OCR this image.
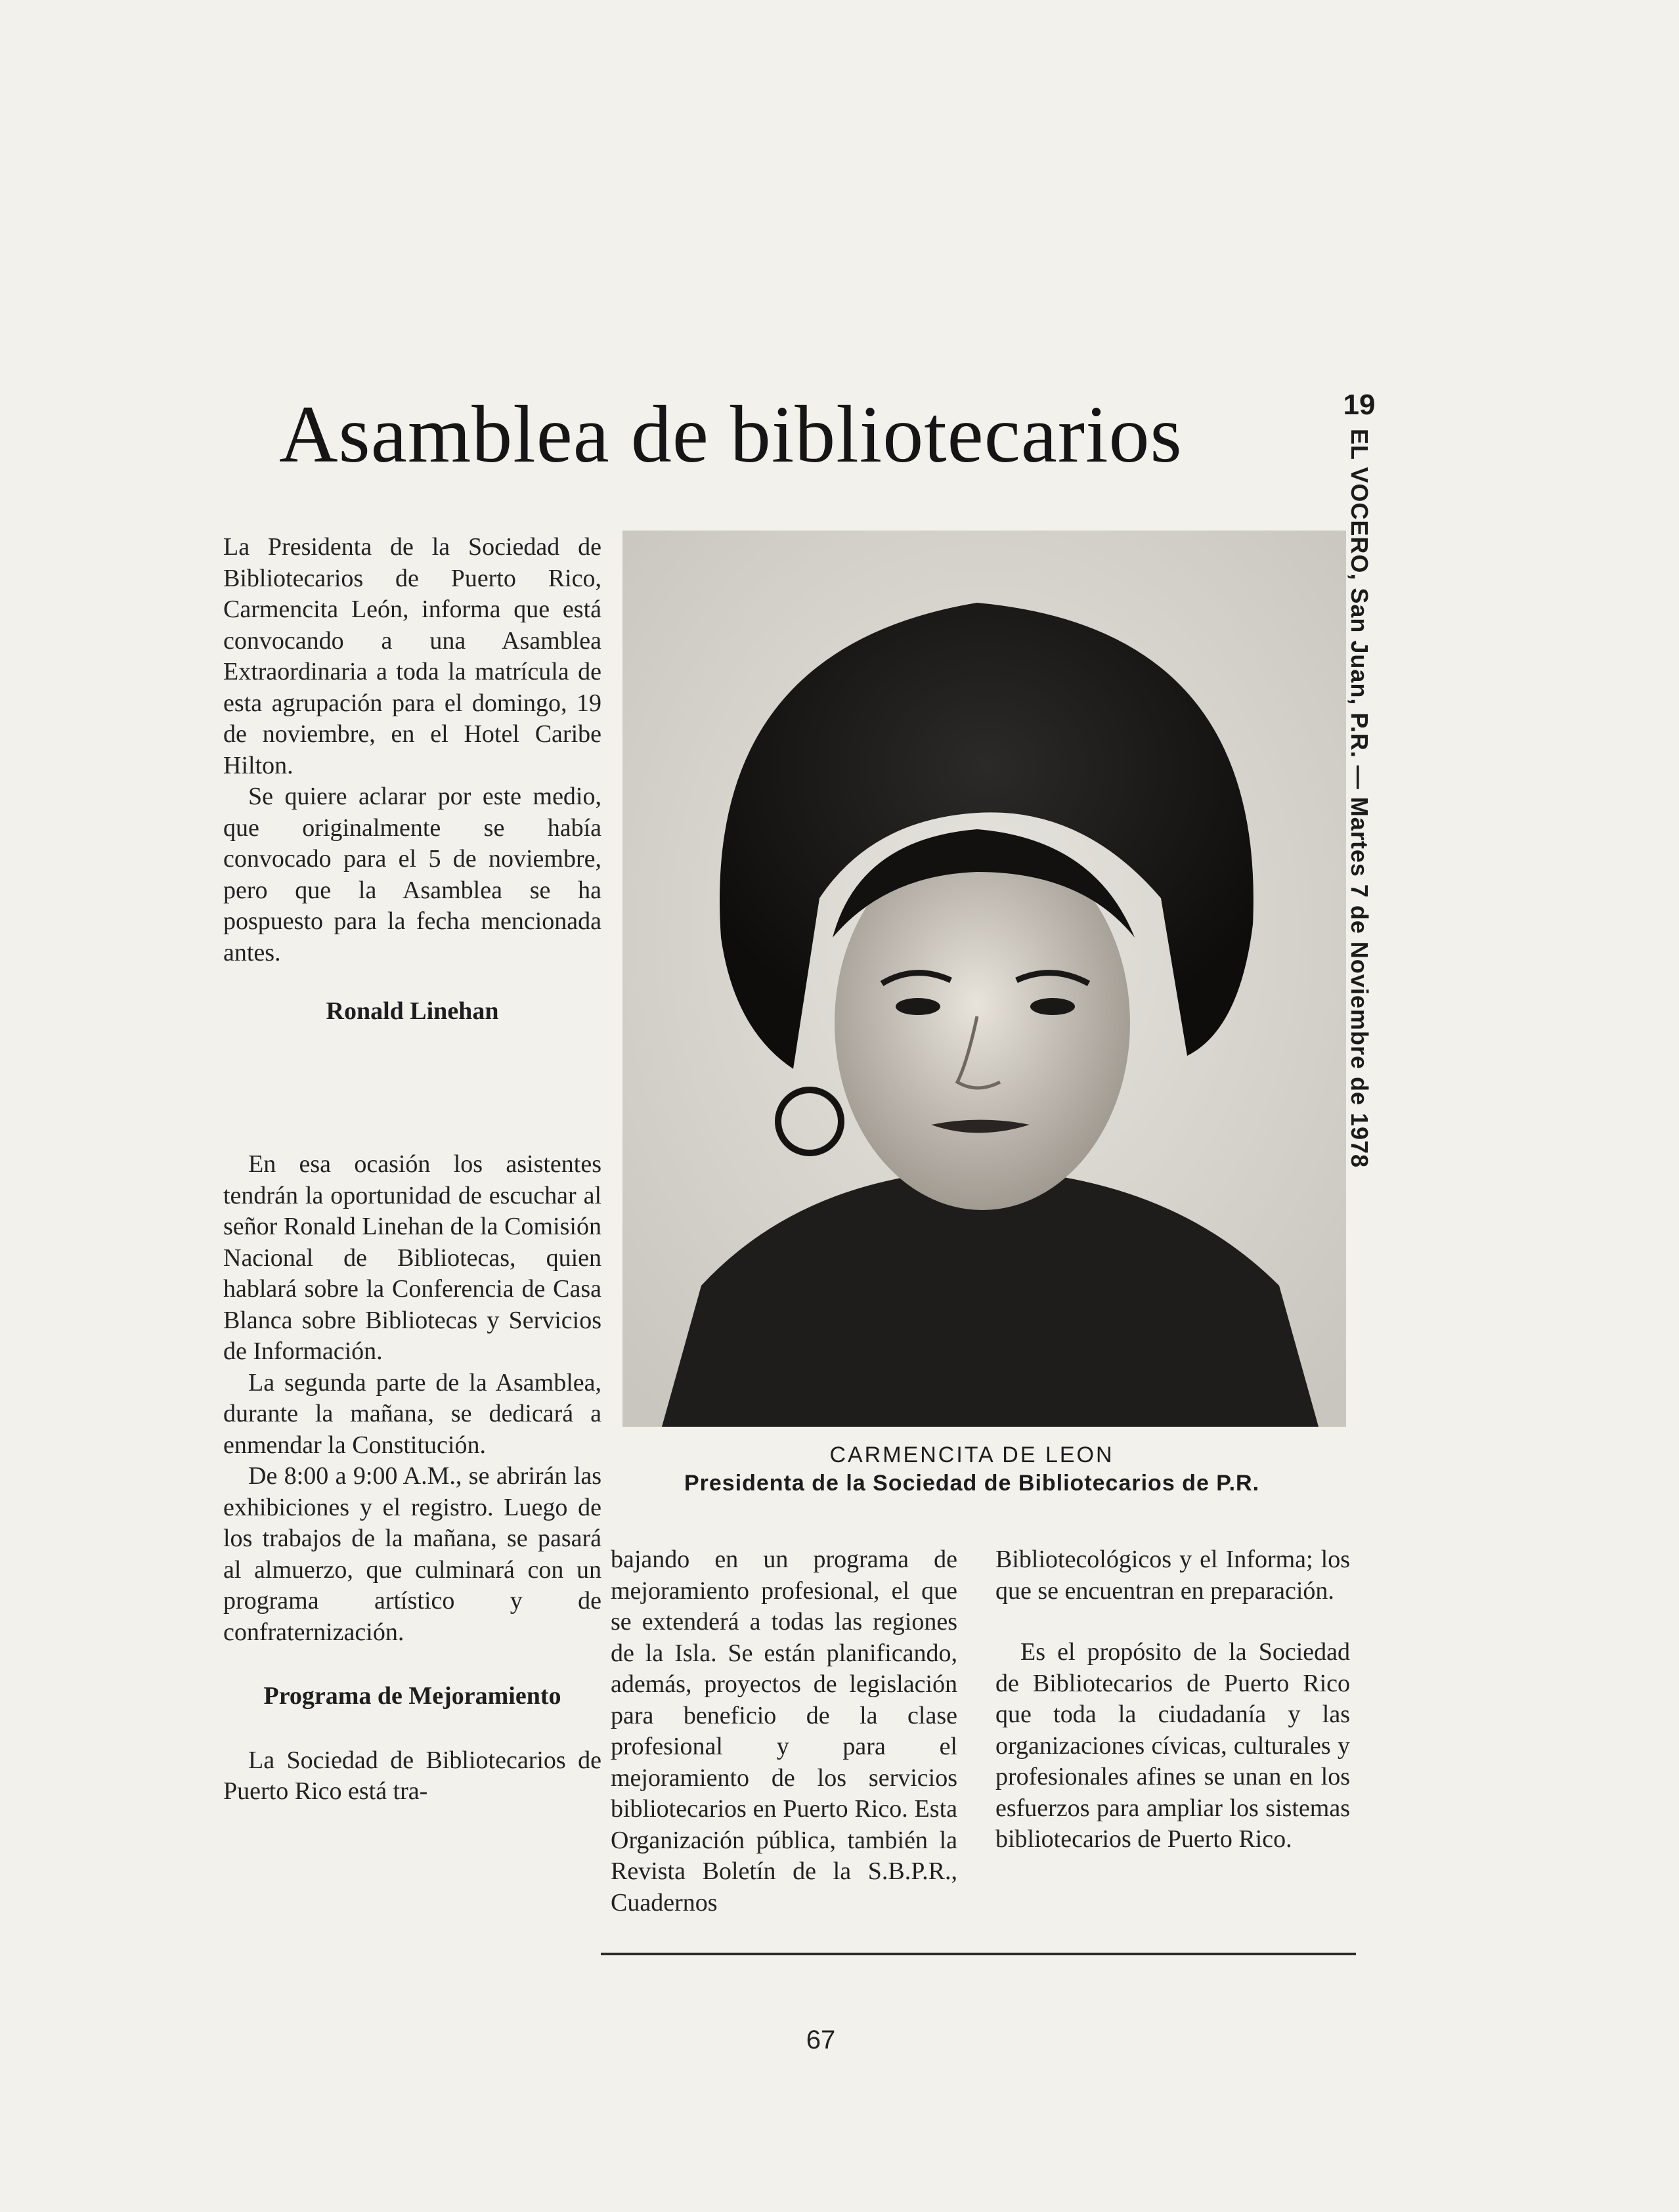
Asamblea de bibliotecarios	19
EL VOCERO, San Juan, P.R. — Martes 7 de Noviembre de 1978

La Presidenta de la Sociedad de Bibliotecarios de Puerto Rico, Carmencita León, informa que está convocando a una Asamblea Extraordinaria a toda la matrícula de esta agrupación para el domingo, 19 de noviembre, en el Hotel Caribe Hilton.

Se quiere aclarar por este medio, que originalmente se había convocado para el 5 de noviembre, pero que la Asamblea se ha pospuesto para la fecha mencionada antes.

Ronald Linehan

En esa ocasión los asistentes tendrán la oportunidad de escuchar al señor Ronald Linehan de la Comisión Nacional de Bibliotecas, quien hablará sobre la Conferencia de Casa Blanca sobre Bibliotecas y Servicios de Información.

La segunda parte de la Asamblea, durante la mañana, se dedicará a enmendar la Constitución.

De 8:00 a 9:00 A.M., se abrirán las exhibiciones y el registro. Luego de los trabajos de la mañana, se pasará al almuerzo, que culminará con un programa artístico y de confraternización.

Programa de Mejoramiento

La Sociedad de Bibliotecarios de Puerto Rico está tra-

CARMENCITA DE LEON
Presidenta de la Sociedad de Bibliotecarios de P.R.

bajando en un programa de mejoramiento profesional, el que se extenderá a todas las regiones de la Isla. Se están planificando, además, proyectos de legislación para beneficio de la clase profesional y para el mejoramiento de los servicios bibliotecarios en Puerto Rico. Esta Organización pública, también la Revista Boletín de la S.B.P.R., Cuadernos

Bibliotecológicos y el Informa; los que se encuentran en preparación.

Es el propósito de la Sociedad de Bibliotecarios de Puerto Rico que toda la ciudadanía y las organizaciones cívicas, culturales y profesionales afines se unan en los esfuerzos para ampliar los sistemas bibliotecarios de Puerto Rico.

67
